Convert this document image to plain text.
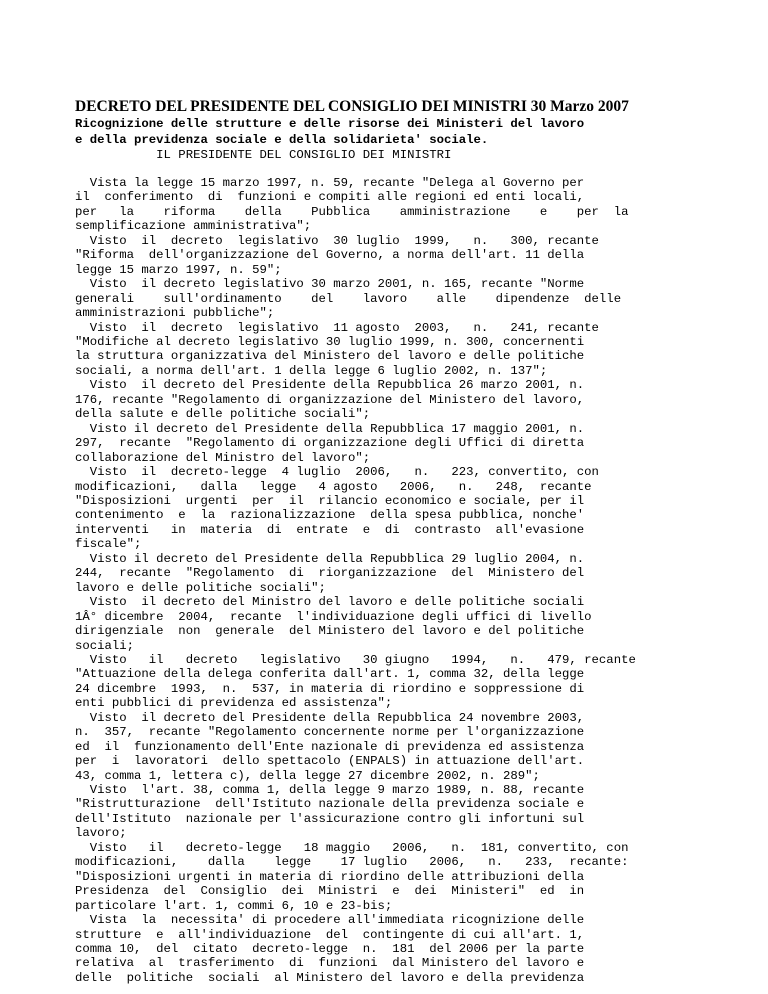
DECRETO DEL PRESIDENTE DEL CONSIGLIO DEI MINISTRI 30 Marzo 2007
Ricognizione delle strutture e delle risorse dei Ministeri del lavoro
e della previdenza sociale e della solidarieta' sociale.
IL PRESIDENTE DEL CONSIGLIO DEI MINISTRI
Vista la legge 15 marzo 1997, n. 59, recante "Delega al Governo per
il  conferimento  di  funzioni e compiti alle regioni ed enti locali,
per   la    riforma    della    Pubblica    amministrazione    e    per  la
semplificazione amministrativa";
Visto  il  decreto  legislativo  30 luglio  1999,   n.   300, recante
"Riforma  dell'organizzazione del Governo, a norma dell'art. 11 della
legge 15 marzo 1997, n. 59";
Visto  il decreto legislativo 30 marzo 2001, n. 165, recante "Norme
generali    sull'ordinamento    del    lavoro    alle    dipendenze  delle
amministrazioni pubbliche";
Visto  il  decreto  legislativo  11 agosto  2003,   n.   241, recante
"Modifiche al decreto legislativo 30 luglio 1999, n. 300, concernenti
la struttura organizzativa del Ministero del lavoro e delle politiche
sociali, a norma dell'art. 1 della legge 6 luglio 2002, n. 137";
Visto  il decreto del Presidente della Repubblica 26 marzo 2001, n.
176, recante "Regolamento di organizzazione del Ministero del lavoro,
della salute e delle politiche sociali";
Visto il decreto del Presidente della Repubblica 17 maggio 2001, n.
297,  recante  "Regolamento di organizzazione degli Uffici di diretta
collaborazione del Ministro del lavoro";
Visto  il  decreto-legge  4 luglio  2006,   n.   223, convertito, con
modificazioni,   dalla   legge   4 agosto   2006,   n.   248,  recante
"Disposizioni  urgenti  per  il  rilancio economico e sociale, per il
contenimento  e  la  razionalizzazione  della spesa pubblica, nonche'
interventi   in  materia  di  entrate  e  di  contrasto  all'evasione
fiscale";
Visto il decreto del Presidente della Repubblica 29 luglio 2004, n.
244,  recante  "Regolamento  di  riorganizzazione  del  Ministero del
lavoro e delle politiche sociali";
Visto  il decreto del Ministro del lavoro e delle politiche sociali
1Â° dicembre  2004,  recante  l'individuazione degli uffici di livello
dirigenziale  non  generale  del Ministero del lavoro e del politiche
sociali;
Visto   il   decreto   legislativo   30 giugno   1994,   n.   479, recante
"Attuazione della delega conferita dall'art. 1, comma 32, della legge
24 dicembre  1993,  n.  537, in materia di riordino e soppressione di
enti pubblici di previdenza ed assistenza";
Visto  il decreto del Presidente della Repubblica 24 novembre 2003,
n.  357,  recante "Regolamento concernente norme per l'organizzazione
ed  il  funzionamento dell'Ente nazionale di previdenza ed assistenza
per  i  lavoratori  dello spettacolo (ENPALS) in attuazione dell'art.
43, comma 1, lettera c), della legge 27 dicembre 2002, n. 289";
Visto  l'art. 38, comma 1, della legge 9 marzo 1989, n. 88, recante
"Ristrutturazione  dell'Istituto nazionale della previdenza sociale e
dell'Istituto  nazionale per l'assicurazione contro gli infortuni sul
lavoro;
Visto   il   decreto-legge   18 maggio   2006,   n.  181, convertito, con
modificazioni,    dalla    legge    17 luglio   2006,   n.   233,  recante:
"Disposizioni urgenti in materia di riordino delle attribuzioni della
Presidenza  del  Consiglio  dei  Ministri  e  dei  Ministeri"  ed  in
particolare l'art. 1, commi 6, 10 e 23-bis;
Vista  la  necessita' di procedere all'immediata ricognizione delle
strutture  e  all'individuazione  del  contingente di cui all'art. 1,
comma 10,  del  citato  decreto-legge  n.  181  del 2006 per la parte
relativa  al  trasferimento  di  funzioni  dal Ministero del lavoro e
delle  politiche  sociali  al Ministero del lavoro e della previdenza
